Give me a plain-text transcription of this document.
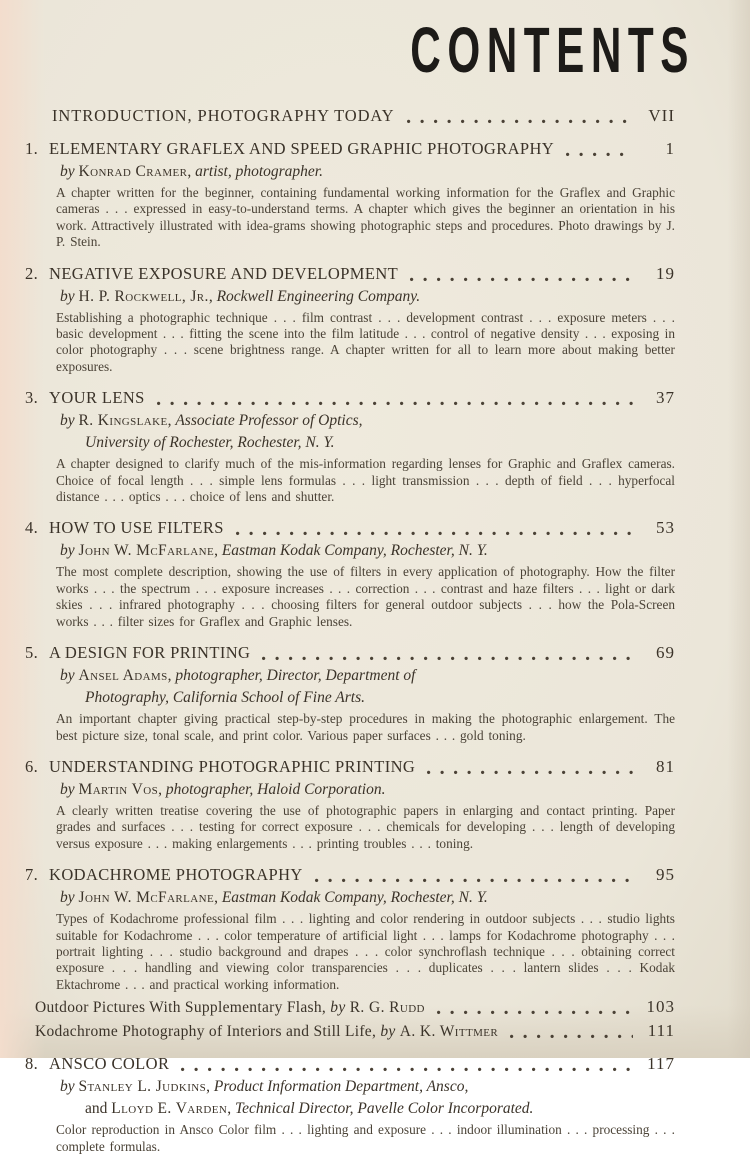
CONTENTS
INTRODUCTION, PHOTOGRAPHY TODAY	VII
1. ELEMENTARY GRAFLEX AND SPEED GRAPHIC PHOTOGRAPHY	1
by Konrad Cramer, artist, photographer.

A chapter written for the beginner, containing fundamental working information for the Graflex and Graphic cameras . . . expressed in easy-to-understand terms. A chapter which gives the beginner an orientation in his work. Attractively illustrated with idea-grams showing photographic steps and procedures. Photo drawings by J. P. Stein.

2. NEGATIVE EXPOSURE AND DEVELOPMENT	19
by H. P. Rockwell, Jr., Rockwell Engineering Company.

Establishing a photographic technique . . . film contrast . . . development contrast . . . exposure meters . . . basic development . . . fitting the scene into the film latitude . . . control of negative density . . . exposing in color photography . . . scene brightness range. A chapter written for all to learn more about making better exposures.

3. YOUR LENS	37
by R. Kingslake, Associate Professor of Optics,
University of Rochester, Rochester, N. Y.

A chapter designed to clarify much of the mis-information regarding lenses for Graphic and Graflex cameras. Choice of focal length . . . simple lens formulas . . . light transmission . . . depth of field . . . hyperfocal distance . . . optics . . . choice of lens and shutter.

4. HOW TO USE FILTERS	53
by John W. McFarlane, Eastman Kodak Company, Rochester, N. Y.

The most complete description, showing the use of filters in every application of photography. How the filter works . . . the spectrum . . . exposure increases . . . correction . . . contrast and haze filters . . . light or dark skies . . . infrared photography . . . choosing filters for general outdoor subjects . . . how the Pola-Screen works . . . filter sizes for Graflex and Graphic lenses.

5. A DESIGN FOR PRINTING	69
by Ansel Adams, photographer, Director, Department of
Photography, California School of Fine Arts.

An important chapter giving practical step-by-step procedures in making the photographic enlargement. The best picture size, tonal scale, and print color. Various paper surfaces . . . gold toning.

6. UNDERSTANDING PHOTOGRAPHIC PRINTING	81
by Martin Vos, photographer, Haloid Corporation.

A clearly written treatise covering the use of photographic papers in enlarging and contact printing. Paper grades and surfaces . . . testing for correct exposure . . . chemicals for developing . . . length of developing versus exposure . . . making enlargements . . . printing troubles . . . toning.

7. KODACHROME PHOTOGRAPHY	95
by John W. McFarlane, Eastman Kodak Company, Rochester, N. Y.

Types of Kodachrome professional film . . . lighting and color rendering in outdoor subjects . . . studio lights suitable for Kodachrome . . . color temperature of artificial light . . . lamps for Kodachrome photography . . . portrait lighting . . . studio background and drapes . . . color synchroflash technique . . . obtaining correct exposure . . . handling and viewing color transparencies . . . duplicates . . . lantern slides . . . Kodak Ektachrome . . . and practical working information.

Outdoor Pictures With Supplementary Flash, by R. G. Rudd	103
Kodachrome Photography of Interiors and Still Life, by A. K. Wittmer	111
8. ANSCO COLOR	117
by Stanley L. Judkins, Product Information Department, Ansco,
and Lloyd E. Varden, Technical Director, Pavelle Color Incorporated.

Color reproduction in Ansco Color film . . . lighting and exposure . . . indoor illumination . . . processing . . . complete formulas.
